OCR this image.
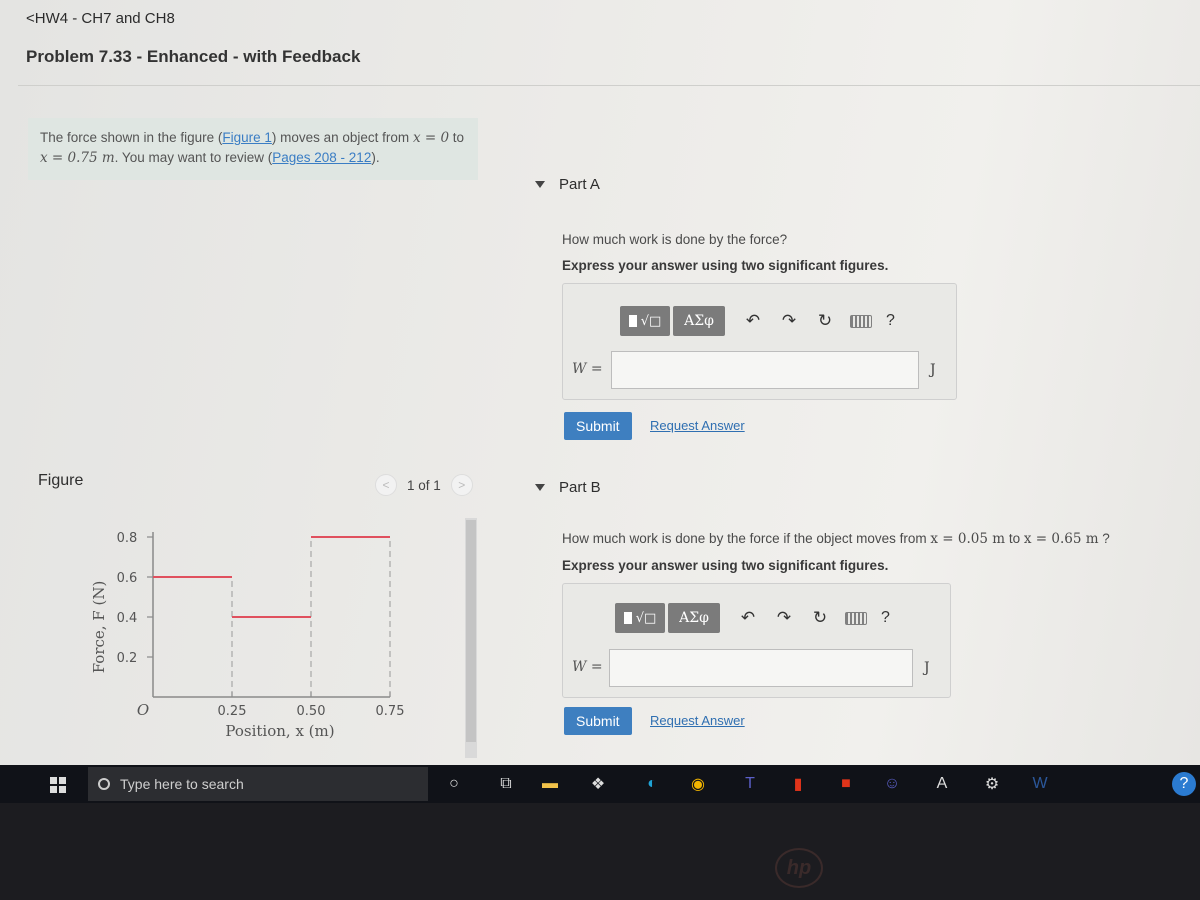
<HW4 - CH7 and CH8
Problem 7.33 - Enhanced - with Feedback
The force shown in the figure (Figure 1) moves an object from x = 0 to
x = 0.75 m. You may want to review (Pages 208 - 212).
Part A
How much work is done by the force?
Express your answer using two significant figures.
√□	ΑΣφ	↶ ↷ ↻	?
W =	J
Submit	Request Answer
Figure	<	1 of 1	>
0.2
0.4
0.6
0.8
0.25	0.50	0.75
O
Position, x (m)
Force, F (N)
Part B
How much work is done by the force if the object moves from x = 0.05 m to x = 0.65 m ?
Express your answer using two significant figures.
√□	ΑΣφ	↶ ↷ ↻	?
W =	J
Submit	Request Answer
Type here to search	○	⧉	▬	❖	◐	◉	T	▮	■	☺	A	⚙	W	?
hp
